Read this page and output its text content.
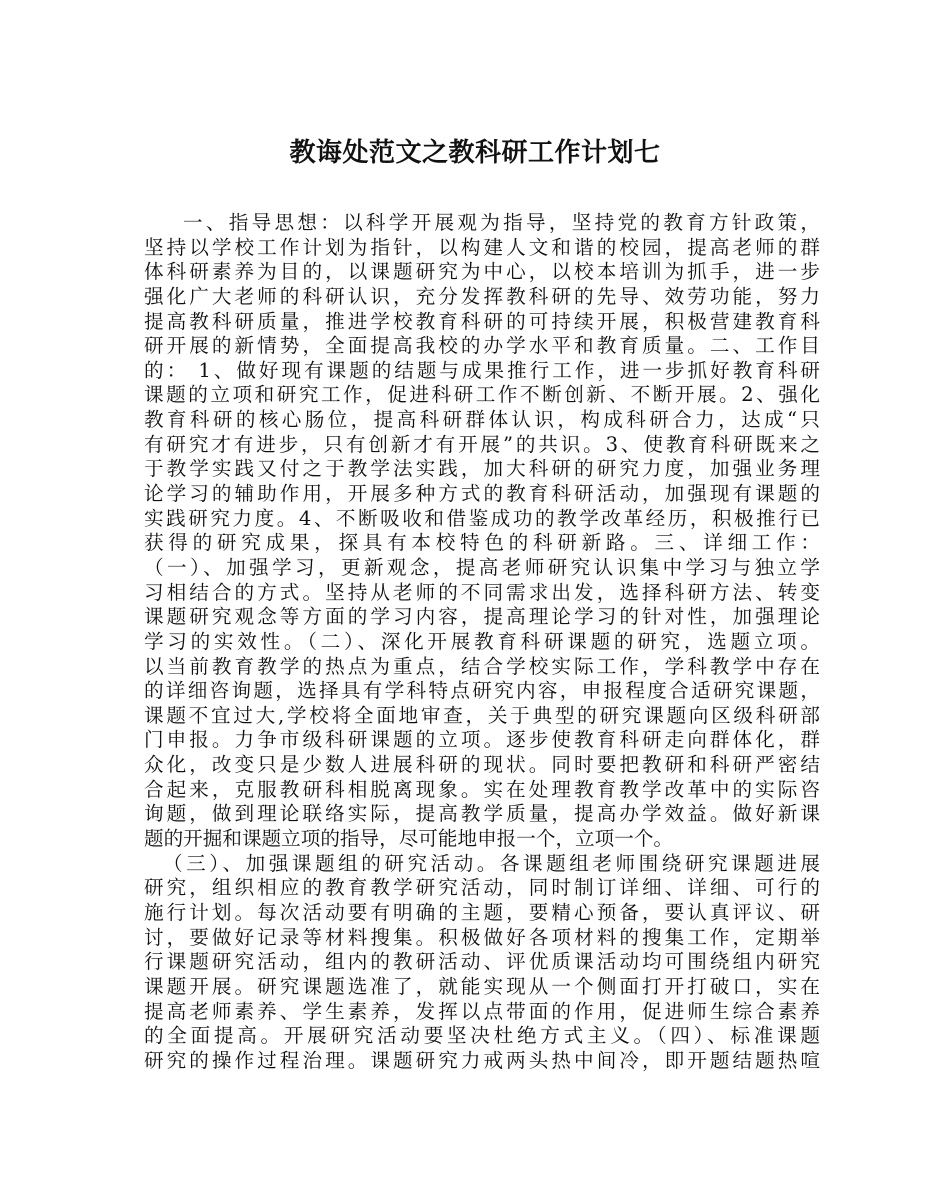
教诲处范文之教科研工作计划七
一、指导思想：以科学开展观为指导，坚持党的教育方针政策，
坚持以学校工作计划为指针，以构建人文和谐的校园，提高老师的群
体科研素养为目的，以课题研究为中心，以校本培训为抓手，进一步
强化广大老师的科研认识，充分发挥教科研的先导、效劳功能，努力
提高教科研质量，推进学校教育科研的可持续开展，积极营建教育科
研开展的新情势，全面提高我校的办学水平和教育质量。二、工作目
的： 1、做好现有课题的结题与成果推行工作，进一步抓好教育科研
课题的立项和研究工作，促进科研工作不断创新、不断开展。2、强化
教育科研的核心肠位，提高科研群体认识，构成科研合力，达成“只
有研究才有进步，只有创新才有开展”的共识。3、使教育科研既来之
于教学实践又付之于教学法实践，加大科研的研究力度，加强业务理
论学习的辅助作用，开展多种方式的教育科研活动，加强现有课题的
实践研究力度。4、不断吸收和借鉴成功的教学改革经历，积极推行已
获得的研究成果，探具有本校特色的科研新路。三、详细工作：
（一）、加强学习，更新观念，提高老师研究认识集中学习与独立学
习相结合的方式。坚持从老师的不同需求出发，选择科研方法、转变
课题研究观念等方面的学习内容，提高理论学习的针对性，加强理论
学习的实效性。（二）、深化开展教育科研课题的研究，选题立项。
以当前教育教学的热点为重点，结合学校实际工作，学科教学中存在
的详细咨询题，选择具有学科特点研究内容，申报程度合适研究课题，
课题不宜过大,学校将全面地审查，关于典型的研究课题向区级科研部
门申报。力争市级科研课题的立项。逐步使教育科研走向群体化，群
众化，改变只是少数人进展科研的现状。同时要把教研和科研严密结
合起来，克服教研科相脱离现象。实在处理教育教学改革中的实际咨
询题，做到理论联络实际，提高教学质量，提高办学效益。做好新课
题的开掘和课题立项的指导，尽可能地申报一个，立项一个。
（三）、加强课题组的研究活动。各课题组老师围绕研究课题进展
研究，组织相应的教育教学研究活动，同时制订详细、详细、可行的
施行计划。每次活动要有明确的主题，要精心预备，要认真评议、研
讨，要做好记录等材料搜集。积极做好各项材料的搜集工作，定期举
行课题研究活动，组内的教研活动、评优质课活动均可围绕组内研究
课题开展。研究课题选准了，就能实现从一个侧面打开打破口，实在
提高老师素养、学生素养，发挥以点带面的作用，促进师生综合素养
的全面提高。开展研究活动要坚决杜绝方式主义。（四）、标准课题
研究的操作过程治理。课题研究力戒两头热中间冷，即开题结题热喧
